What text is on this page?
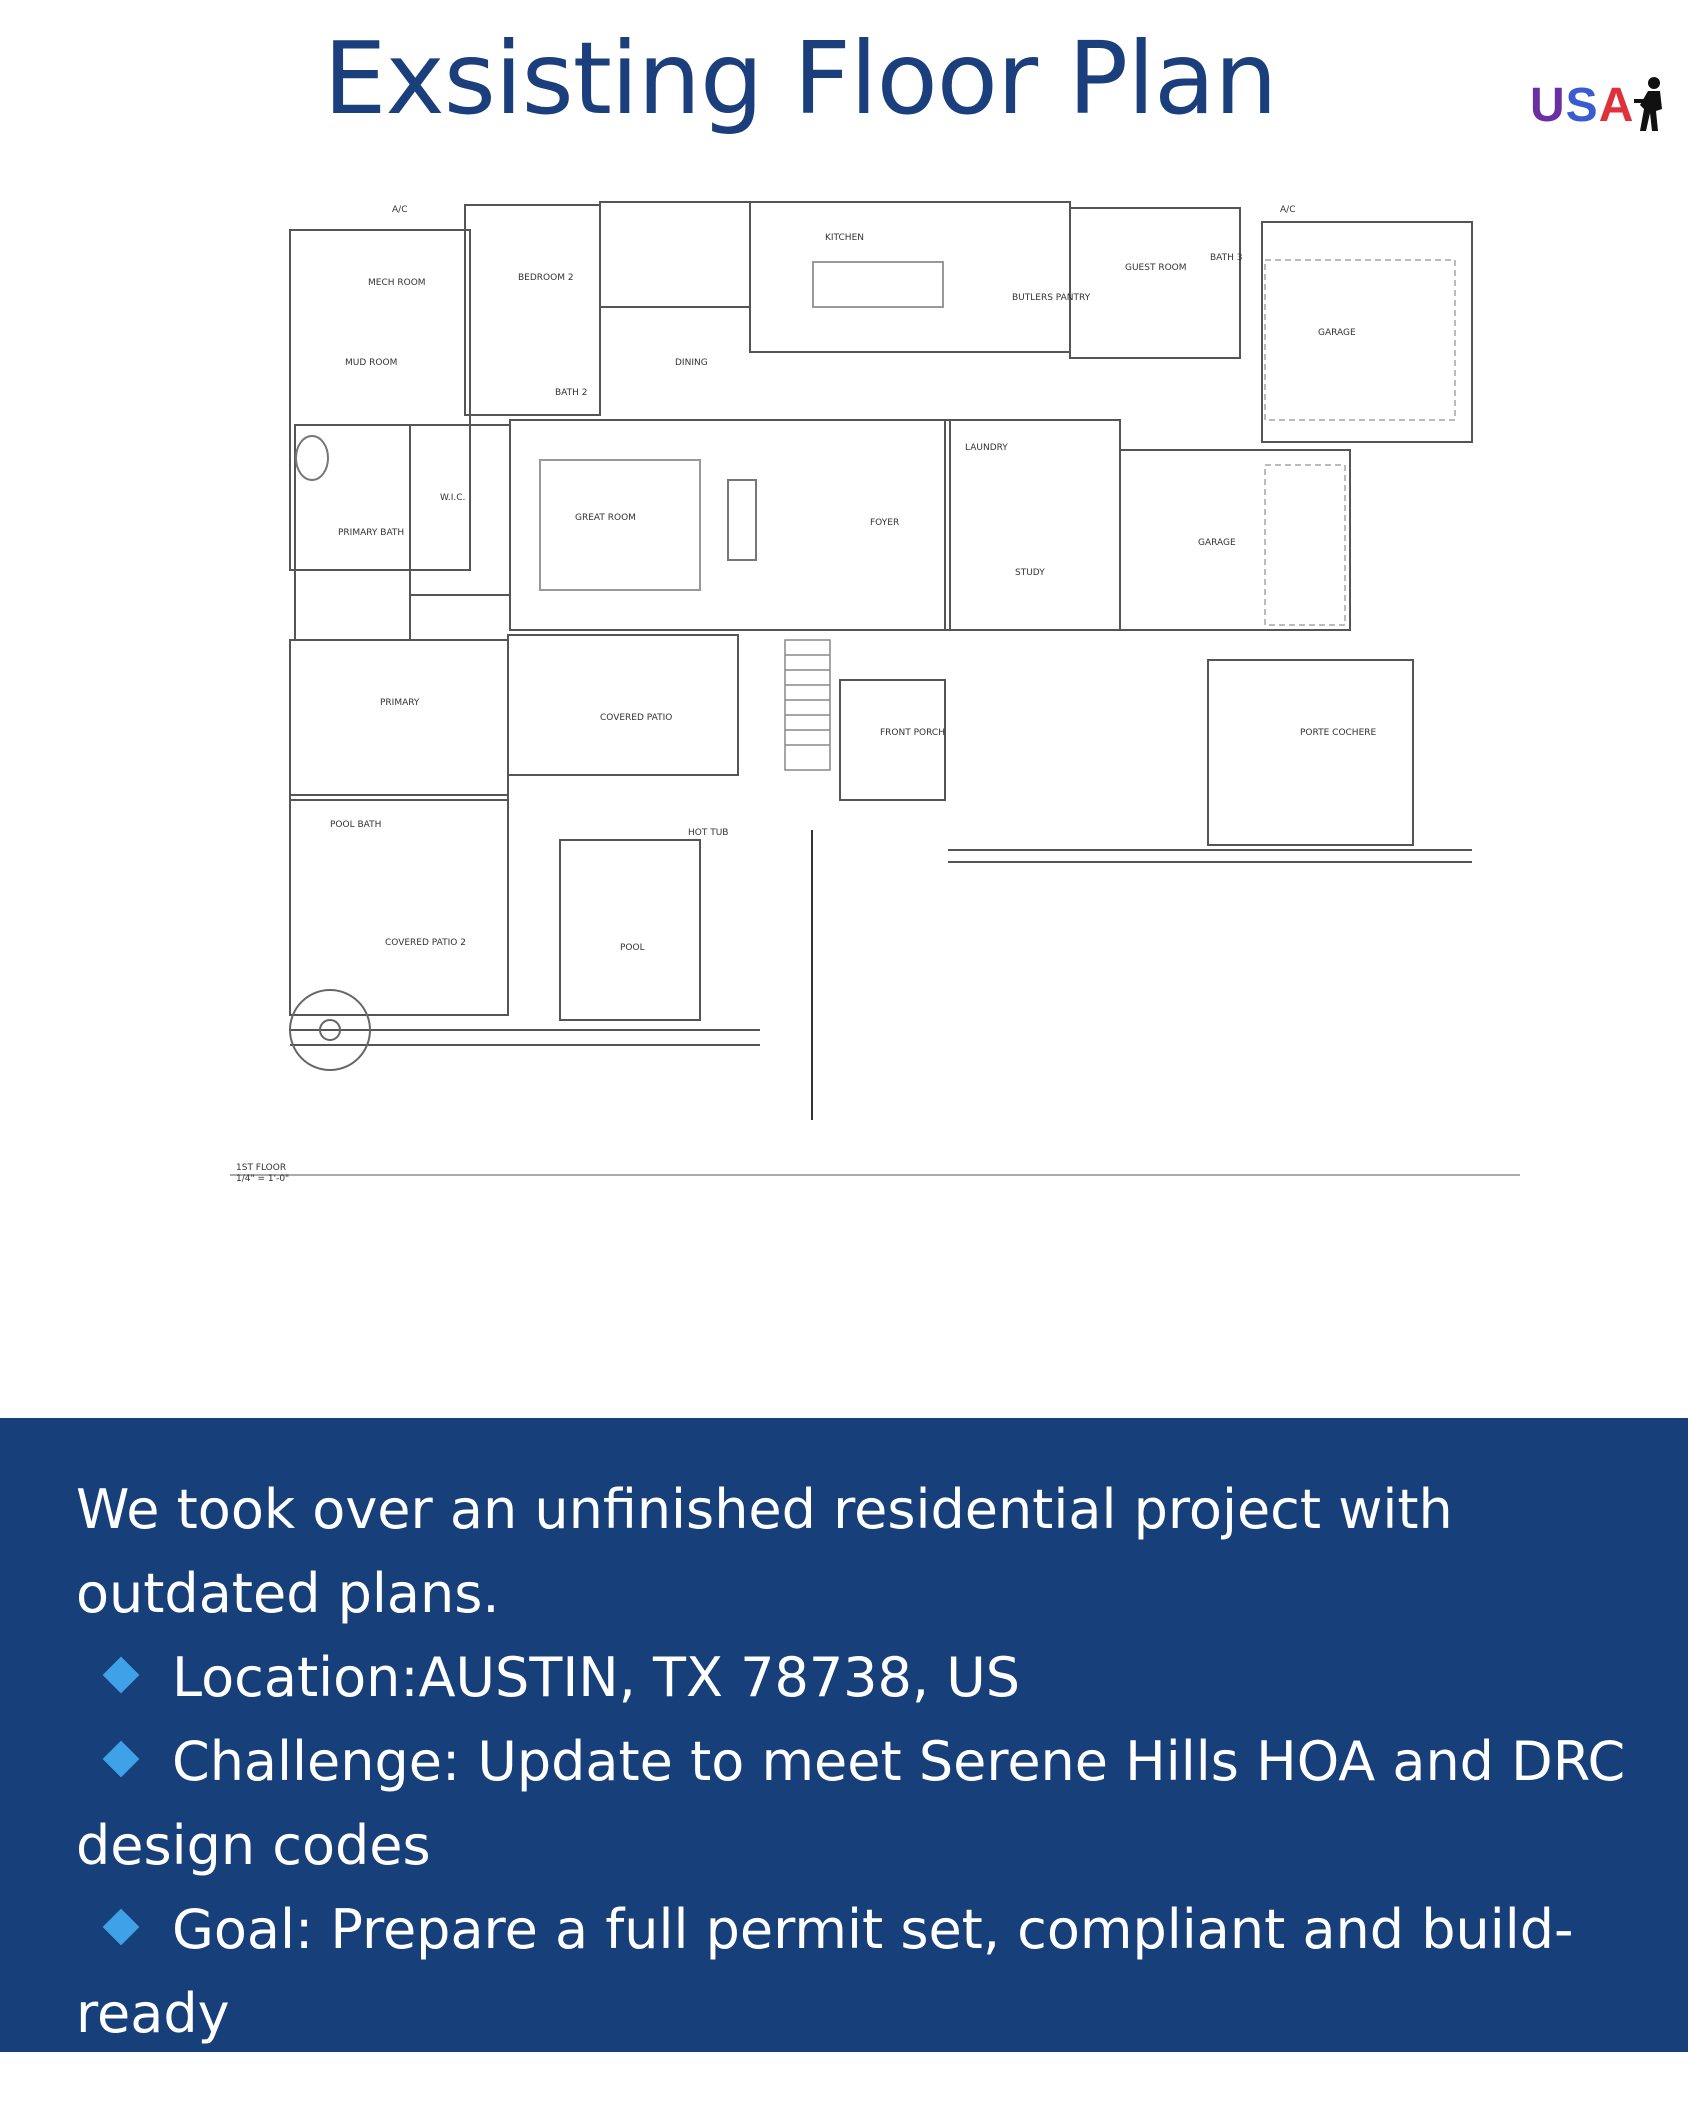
Exsisting Floor Plan	USA
BEDROOM 2
BATH 2
MUD ROOM
MECH ROOM
KITCHEN
BUTLERS PANTRY
GUEST ROOM
BATH 3
GARAGE
PRIMARY BATH
W.I.C.
GREAT ROOM
DINING
FOYER
LAUNDRY
STUDY
GARAGE
PRIMARY
COVERED PATIO
FRONT PORCH	PORTE COCHERE
POOL BATH
COVERED PATIO 2	POOL
HOT TUB
A/C	A/C
1ST FLOOR
1/4" = 1'-0"
We took over an unfinished residential project with outdated plans.
Location:AUSTIN, TX 78738, US
Challenge: Update to meet Serene Hills HOA and DRC design codes
Goal: Prepare a full permit set, compliant and build-ready
